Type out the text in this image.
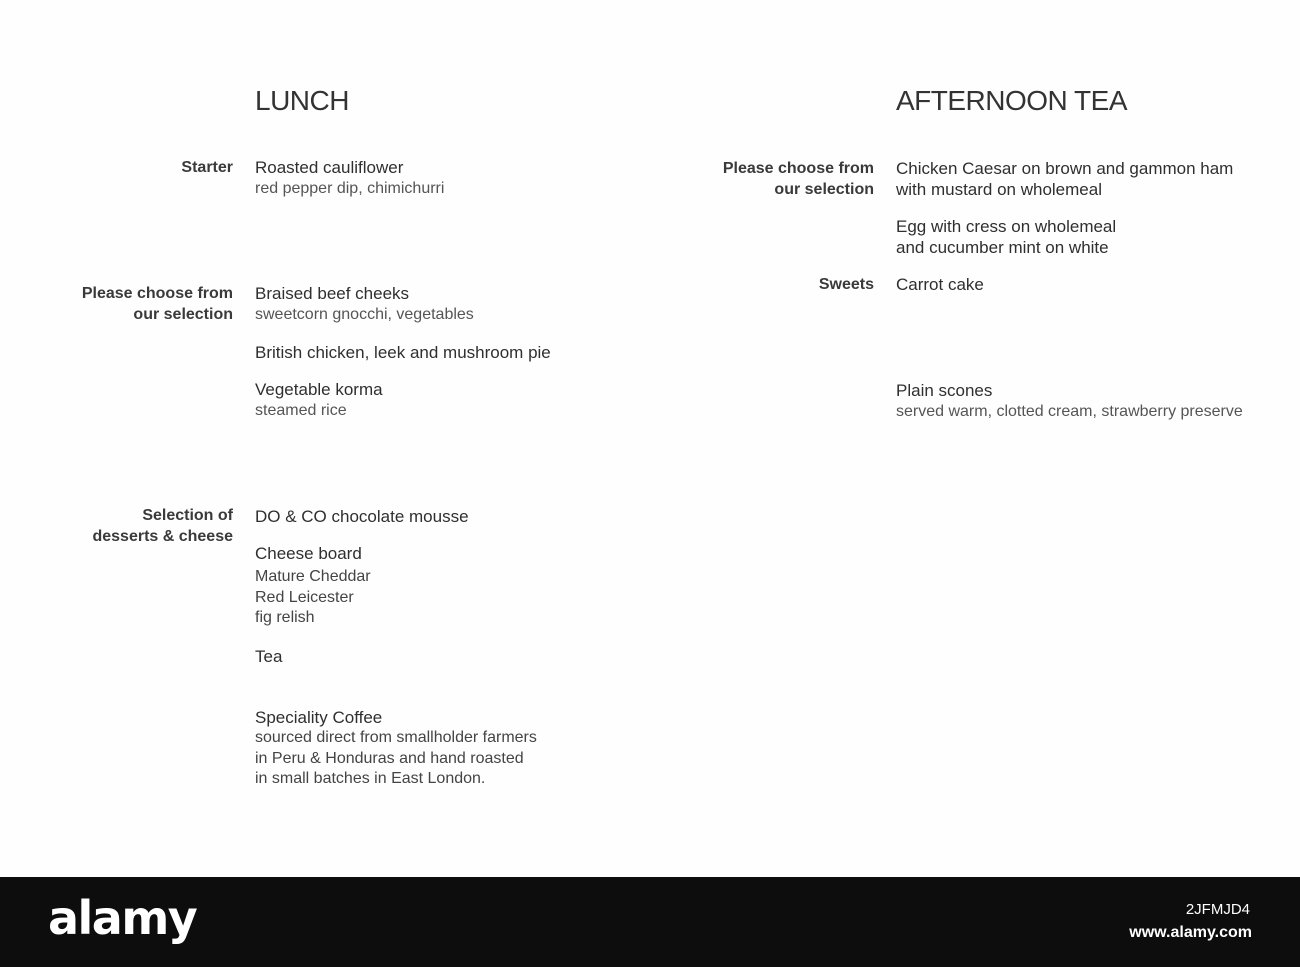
LUNCH
Starter Roasted cauliflower
red pepper dip, chimichurri
Please choose from
our selection
Braised beef cheeks
sweetcorn gnocchi, vegetables
British chicken, leek and mushroom pie
Vegetable korma
steamed rice
Selection of
desserts & cheese
DO & CO chocolate mousse
Cheese board
Mature Cheddar
Red Leicester
fig relish
Tea
Speciality Coffee
sourced direct from smallholder farmers
in Peru & Honduras and hand roasted
in small batches in East London.
AFTERNOON TEA
Please choose from
our selection
Chicken Caesar on brown and gammon ham
with mustard on wholemeal
Egg with cress on wholemeal
and cucumber mint on white
Sweets Carrot cake
Plain scones
served warm, clotted cream, strawberry preserve
alamy	2JFMJD4
www.alamy.com
